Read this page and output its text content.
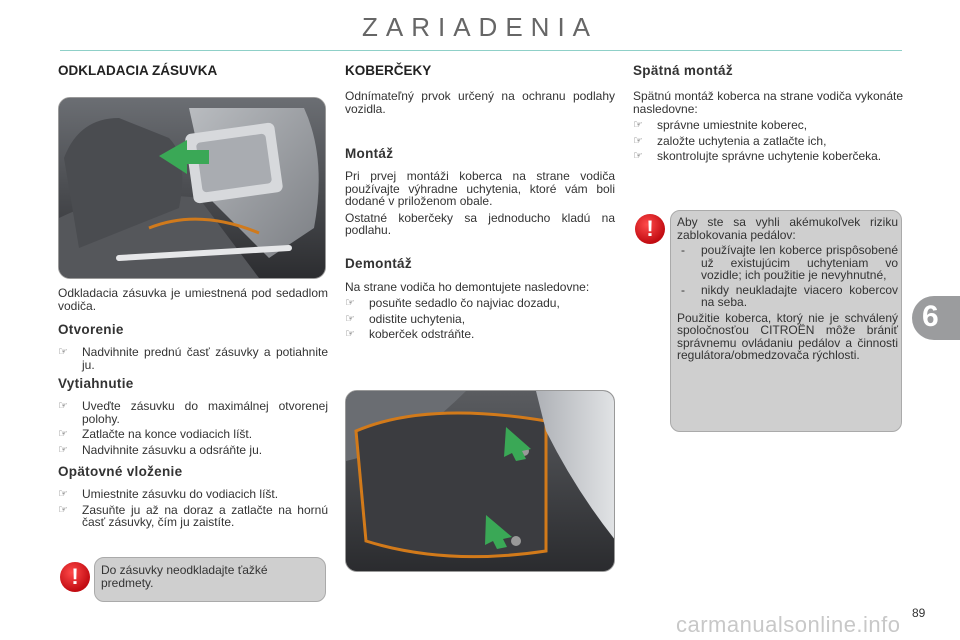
ZARIADENIA
ODKLADACIA ZÁSUVKA

Odkladacia zásuvka je umiestnená pod sedadlom vodiča.

Otvorenie
☞ Nadvihnite prednú časť zásuvky a potiahnite ju.
Vytiahnutie
☞ Uveďte zásuvku do maximálnej otvorenej polohy.
☞ Zatlačte na konce vodiacich líšt.
☞ Nadvihnite zásuvku a odsráňte ju.
Opätovné vloženie
☞ Umiestnite zásuvku do vodiacich líšt.
☞ Zasuňte ju až na doraz a zatlačte na hornú časť zásuvky, čím ju zaistíte.

Do zásuvky neodkladajte ťažké predmety.

!
KOBERČEKY

Odnímateľný prvok určený na ochranu podlahy vozidla.

Montáž

Pri prvej montáži koberca na strane vodiča používajte výhradne uchytenia, ktoré vám boli dodané v priloženom obale.

Ostatné koberčeky sa jednoducho kladú na podlahu.

Demontáž

Na strane vodiča ho demontujete nasledovne:

☞ posuňte sedadlo čo najviac dozadu,
☞ odistite uchytenia,
☞ koberček odstráňte.
Spätná montáž

Spätnú montáž koberca na strane vodiča vykonáte nasledovne:

☞ správne umiestnite koberec,
☞ založte uchytenia a zatlačte ich,
☞ skontrolujte správne uchytenie koberčeka.

Aby ste sa vyhli akémukoľvek riziku zablokovania pedálov:

- používajte len koberce prispôsobené už existujúcim uchyteniam vo vozidle; ich použitie je nevyhnutné,
- nikdy neukladajte viacero kobercov na seba.

Použitie koberca, ktorý nie je schválený spoločnosťou CITROËN môže brániť správnemu ovládaniu pedálov a činnosti regulátora/obmedzovača rýchlosti.

!
6
89
carmanualsonline.info
